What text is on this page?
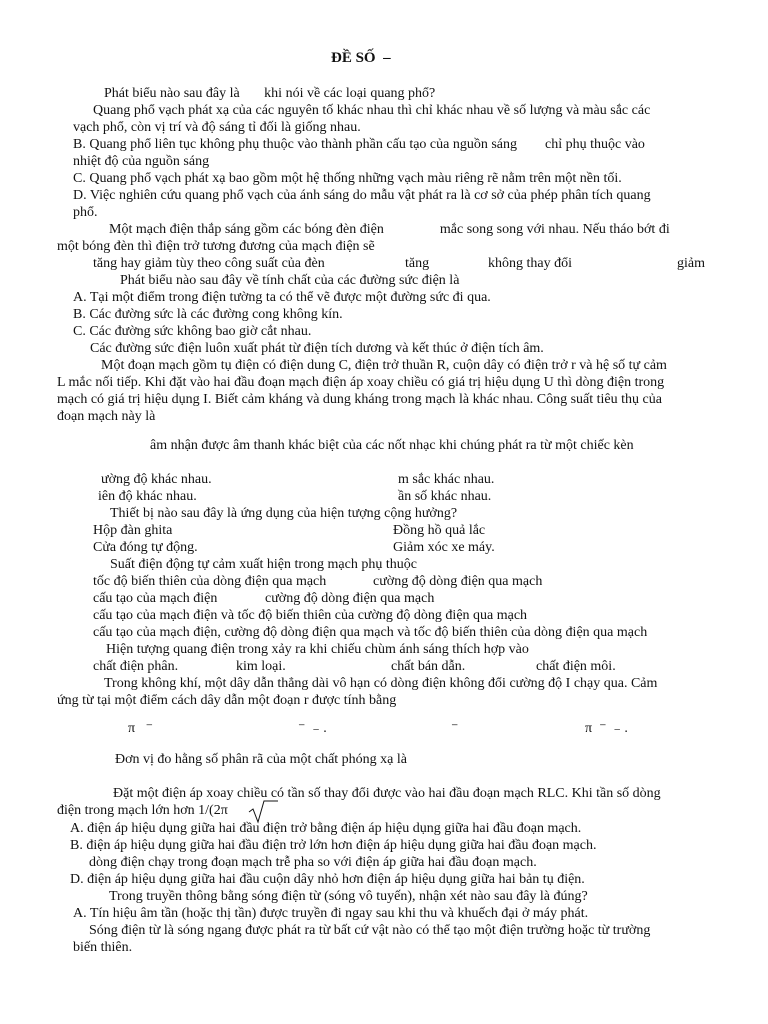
ĐỀ SỐ  –
Phát biểu nào sau đây là       khi nói về các loại quang phổ?
Quang phổ vạch phát xạ của các nguyên tố khác nhau thì chỉ khác nhau về số lượng và màu sắc các
vạch phổ, còn vị trí và độ sáng tỉ đối là giống nhau.
B. Quang phổ liên tục không phụ thuộc vào thành phần cấu tạo của nguồn sáng        chỉ phụ thuộc vào
nhiệt độ của nguồn sáng
C. Quang phổ vạch phát xạ bao gồm một hệ thống những vạch màu riêng rẽ nằm trên một nền tối.
D. Việc nghiên cứu quang phổ vạch của ánh sáng do mẫu vật phát ra là cơ sở của phép phân tích quang
phổ.
Một mạch điện thắp sáng gồm các bóng đèn điện                mắc song song với nhau. Nếu tháo bớt đi
một bóng đèn thì điện trở tương đương của mạch điện sẽ
tăng hay giảm tùy theo công suất của đèn	tăng	không thay đổi	giảm
Phát biểu nào sau đây về tính chất của các đường sức điện là
A. Tại một điểm trong điện tường ta có thể vẽ được một đường sức đi qua.
B. Các đường sức là các đường cong không kín.
C. Các đường sức không bao giờ cắt nhau.
Các đường sức điện luôn xuất phát từ điện tích dương và kết thúc ở điện tích âm.
Một đoạn mạch gồm tụ điện có điện dung C, điện trở thuần R, cuộn dây có điện trở r và hệ số tự cảm
L mắc nối tiếp. Khi đặt vào hai đầu đoạn mạch điện áp xoay chiều có giá trị hiệu dụng U thì dòng điện trong
mạch có giá trị hiệu dụng I. Biết cảm kháng và dung kháng trong mạch là khác nhau. Công suất tiêu thụ của
đoạn mạch này là
âm nhận được âm thanh khác biệt của các nốt nhạc khi chúng phát ra từ một chiếc kèn
ường độ khác nhau.	m sắc khác nhau.
iên độ khác nhau.	ần số khác nhau.
Thiết bị nào sau đây là ứng dụng của hiện tượng cộng hưởng?
Hộp đàn ghita	Đồng hồ quả lắc
Cửa đóng tự động.	Giảm xóc xe máy.
Suất điện động tự cảm xuất hiện trong mạch phụ thuộc
tốc độ biến thiên của dòng điện qua mạch	cường độ dòng điện qua mạch
cấu tạo của mạch điện	cường độ dòng điện qua mạch
cấu tạo của mạch điện và tốc độ biến thiên của cường độ dòng điện qua mạch
cấu tạo của mạch điện, cường độ dòng điện qua mạch và tốc độ biến thiên của dòng điện qua mạch
Hiện tượng quang điện trong xảy ra khi chiếu chùm ánh sáng thích hợp vào
chất điện phân.	kim loại.	chất bán dẫn.	chất điện môi.
Trong không khí, một dây dẫn thẳng dài vô hạn có dòng điện không đổi cường độ I chạy qua. Cảm
ứng từ tại một điểm cách dây dẫn một đoạn r được tính bằng
π   ⁻	⁻  ₋ .	⁻	π  ⁻  ₋ .
Đơn vị đo hằng số phân rã của một chất phóng xạ là
Đặt một điện áp xoay chiều có tần số thay đổi được vào hai đầu đoạn mạch RLC. Khi tần số dòng
điện trong mạch lớn hơn 1/(2π
A. điện áp hiệu dụng giữa hai đầu điện trở bằng điện áp hiệu dụng giữa hai đầu đoạn mạch.
B. điện áp hiệu dụng giữa hai đầu điện trở lớn hơn điện áp hiệu dụng giữa hai đầu đoạn mạch.
dòng điện chạy trong đoạn mạch trễ pha so với điện áp giữa hai đầu đoạn mạch.
D. điện áp hiệu dụng giữa hai đầu cuộn dây nhỏ hơn điện áp hiệu dụng giữa hai bản tụ điện.
Trong truyền thông bằng sóng điện từ (sóng vô tuyến), nhận xét nào sau đây là đúng?
A. Tín hiệu âm tần (hoặc thị tần) được truyền đi ngay sau khi thu và khuếch đại ở máy phát.
Sóng điện từ là sóng ngang được phát ra từ bất cứ vật nào có thể tạo một điện trường hoặc từ trường
biến thiên.
